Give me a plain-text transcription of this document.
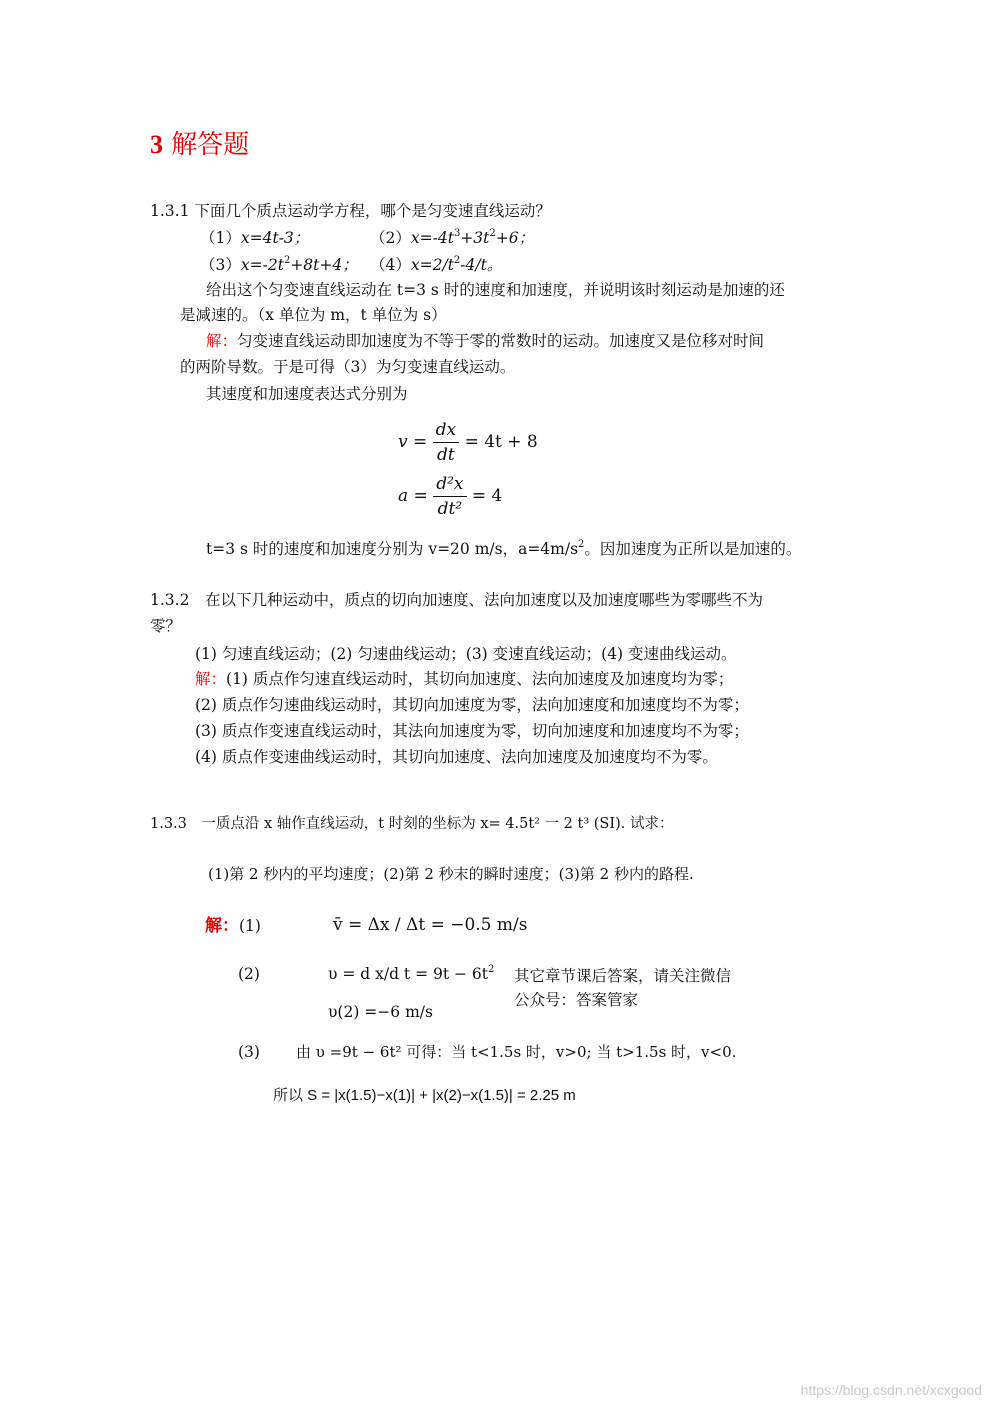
3 解答题
1.3.1 下面几个质点运动学方程，哪个是匀变速直线运动？
（1）x=4t-3；	$(2)x=-4t^3+3t^2+6$；
$(3)x=-2t^2+8t+4$； $(4)x=2/t^2-4/t$。
给出这个匀变速直线运动在 t=3 s 时的速度和加速度，并说明该时刻运动是加速的还
是减速的。（x 单位为 m，t 单位为 s）
解：匀变速直线运动即加速度为不等于零的常数时的运动。加速度又是位移对时间
的两阶导数。于是可得（3）为匀变速直线运动。
其速度和加速度表达式分别为
$v = \frac{dx}{dt} = 4t + 8$
$a = \frac{\text{d²x}}{\text{dt²}} = 4$
t=3 s 时的速度和加速度分别为 v=20 m/s，$a=4m/s^2$。因加速度为正所以是加速的。
1.3.2　在以下几种运动中，质点的切向加速度、法向加速度以及加速度哪些为零哪些不为
零？
(1) 匀速直线运动；(2) 匀速曲线运动；(3) 变速直线运动；(4) 变速曲线运动。
解：(1) 质点作匀速直线运动时，其切向加速度、法向加速度及加速度均为零；
(2) 质点作匀速曲线运动时，其切向加速度为零，法向加速度和加速度均不为零；
(3) 质点作变速直线运动时，其法向加速度为零，切向加速度和加速度均不为零；
(4) 质点作变速曲线运动时，其切向加速度、法向加速度及加速度均不为零。
1.3.3　一质点沿 x 轴作直线运动，t 时刻的坐标为 x= 4.5t² 一 2 t³ (SI). 试求：
(1)第 2 秒内的平均速度；(2)第 2 秒末的瞬时速度；(3)第 2 秒内的路程.
解：(1)	v̄ = Δx / Δt = −0.5 m/s
(2)	υ = d x/d $t = 9t - 6t^2$
υ(2) =−6 m/s
其它章节课后答案，请关注微信
公众号：答案管家
(3) 由 υ =9t − 6t² 可得：当 t<1.5s 时，v>0; 当 t>1.5s 时，v<0.
所以 S = |x(1.5)−x(1)| + |x(2)−x(1.5)| = 2.25 m
https://blog.csdn.net/xcxgood
